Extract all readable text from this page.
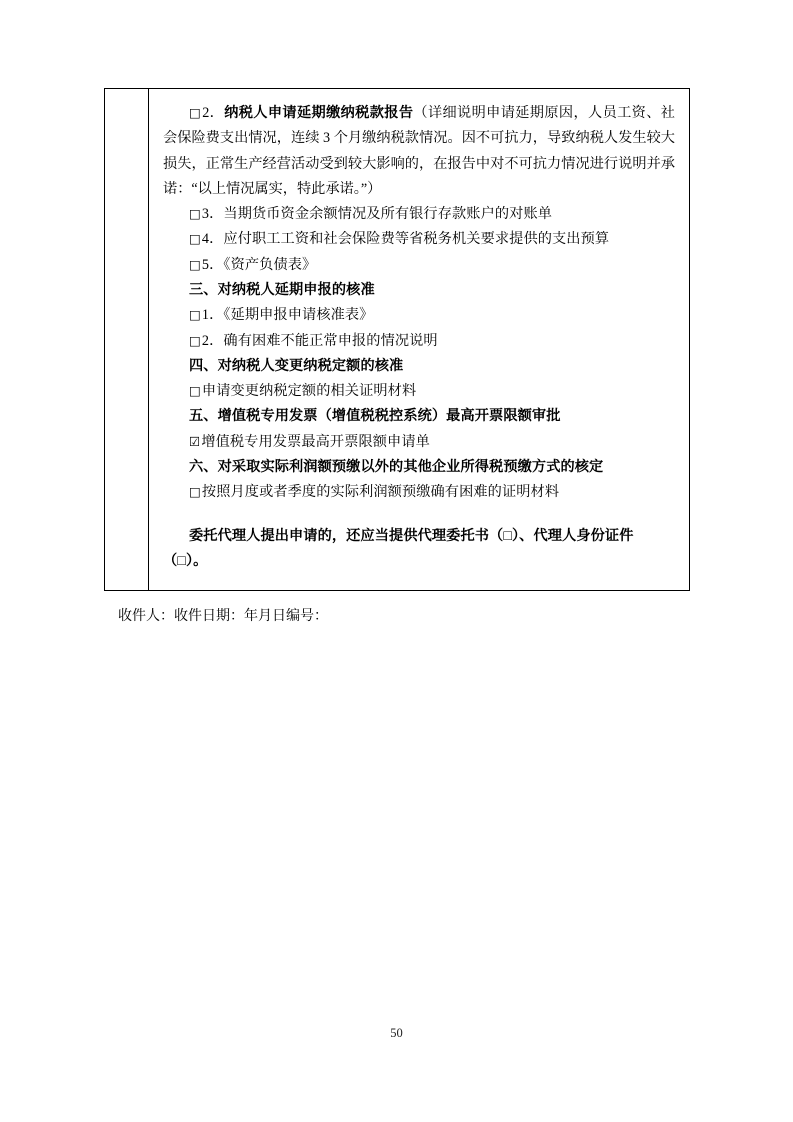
□2．纳税人申请延期缴纳税款报告（详细说明申请延期原因，人员工资、社会保险费支出情况，连续 3 个月缴纳税款情况。因不可抗力，导致纳税人发生较大损失，正常生产经营活动受到较大影响的，在报告中对不可抗力情况进行说明并承诺：“以上情况属实，特此承诺。”）

□3．当期货币资金余额情况及所有银行存款账户的对账单
□4．应付职工工资和社会保险费等省税务机关要求提供的支出预算
□5．《资产负债表》
三、对纳税人延期申报的核准
□1．《延期申报申请核准表》
□2．确有困难不能正常申报的情况说明
四、对纳税人变更纳税定额的核准
□申请变更纳税定额的相关证明材料
五、增值税专用发票（增值税税控系统）最高开票限额审批
☑增值税专用发票最高开票限额申请单
六、对采取实际利润额预缴以外的其他企业所得税预缴方式的核定
□按照月度或者季度的实际利润额预缴确有困难的证明材料
委托代理人提出申请的，还应当提供代理委托书（□）、代理人身份证件
（□）。
收件人：收件日期：年月日编号：
50
